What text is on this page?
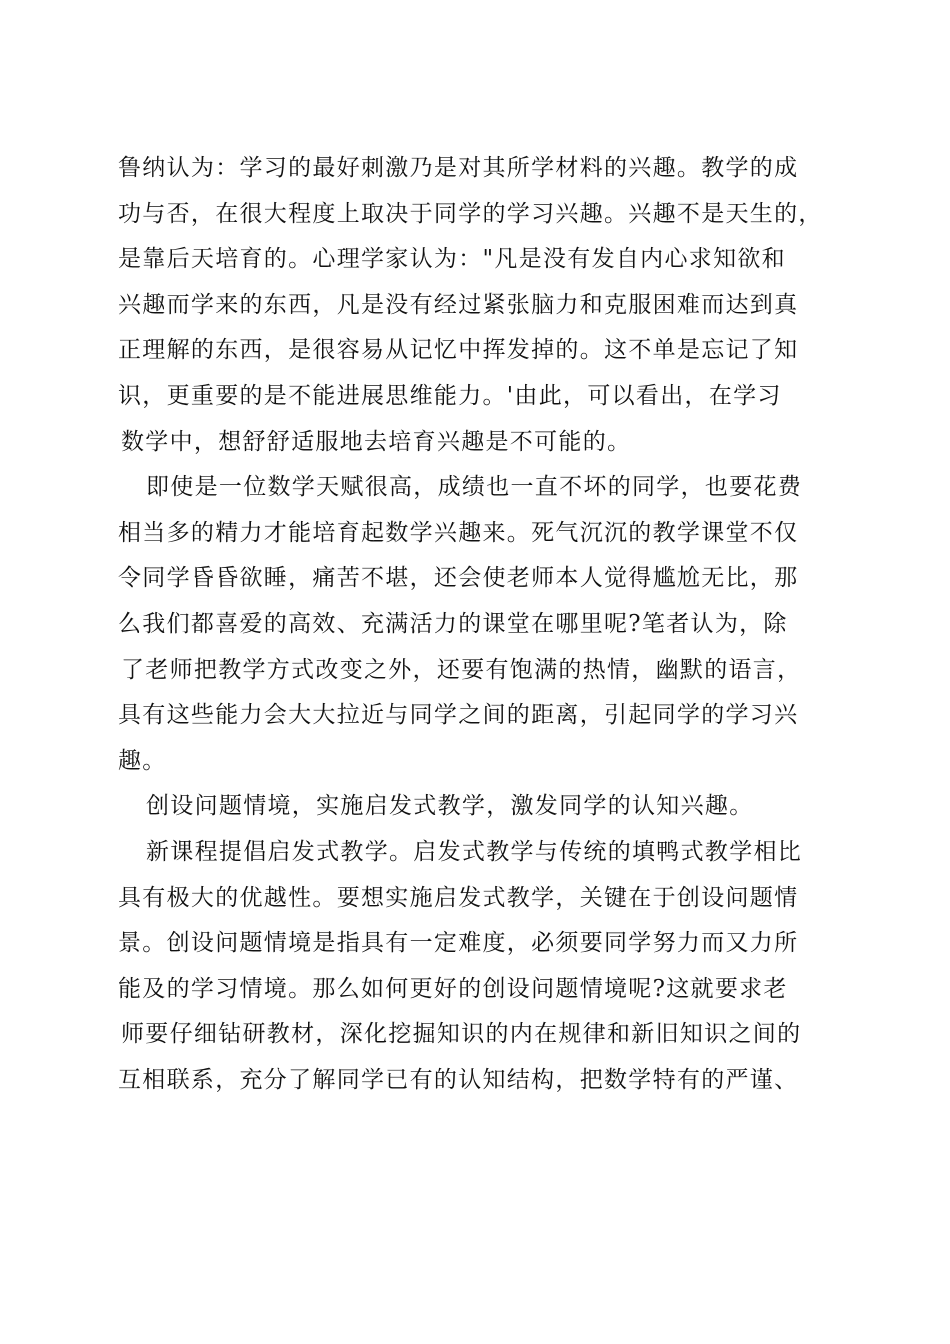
鲁纳认为：学习的最好刺激乃是对其所学材料的兴趣。教学的成
功与否，在很大程度上取决于同学的学习兴趣。兴趣不是天生的，
是靠后天培育的。心理学家认为："凡是没有发自内心求知欲和
兴趣而学来的东西，凡是没有经过紧张脑力和克服困难而达到真
正理解的东西，是很容易从记忆中挥发掉的。这不单是忘记了知
识，更重要的是不能进展思维能力。'由此，可以看出，在学习
数学中，想舒舒适服地去培育兴趣是不可能的。
即使是一位数学天赋很高，成绩也一直不坏的同学，也要花费
相当多的精力才能培育起数学兴趣来。死气沉沉的教学课堂不仅
令同学昏昏欲睡，痛苦不堪，还会使老师本人觉得尴尬无比，那
么我们都喜爱的高效、充满活力的课堂在哪里呢?笔者认为，除
了老师把教学方式改变之外，还要有饱满的热情，幽默的语言，
具有这些能力会大大拉近与同学之间的距离，引起同学的学习兴
趣。
创设问题情境，实施启发式教学，激发同学的认知兴趣。
新课程提倡启发式教学。启发式教学与传统的填鸭式教学相比
具有极大的优越性。要想实施启发式教学，关键在于创设问题情
景。创设问题情境是指具有一定难度，必须要同学努力而又力所
能及的学习情境。那么如何更好的创设问题情境呢?这就要求老
师要仔细钻研教材，深化挖掘知识的内在规律和新旧知识之间的
互相联系，充分了解同学已有的认知结构，把数学特有的严谨、
